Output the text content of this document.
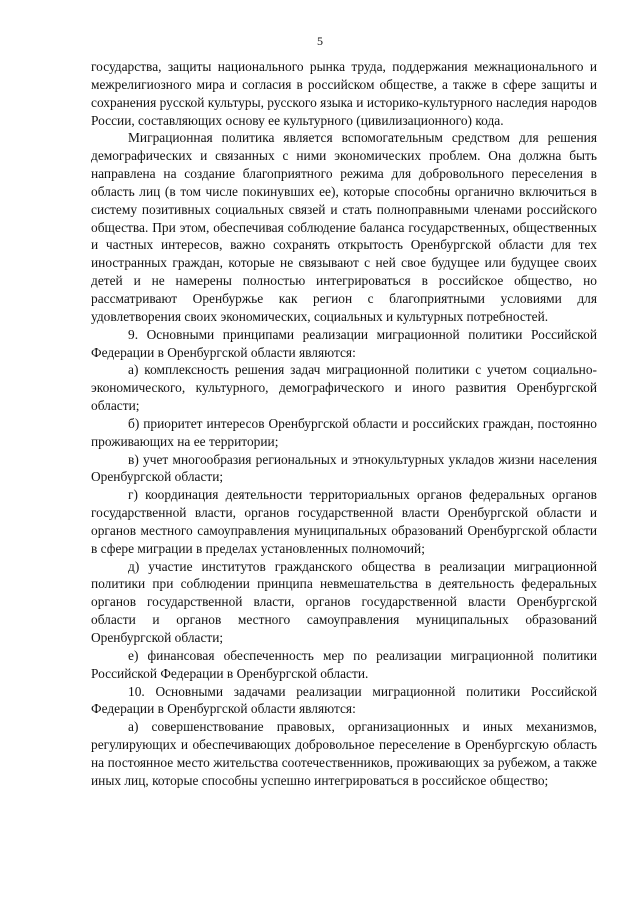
5

государства, защиты национального рынка труда, поддержания межнационального и межрелигиозного мира и согласия в российском обществе, а также в сфере защиты и сохранения русской культуры, русского языка и историко-культурного наследия народов России, составляющих основу ее культурного (цивилизационного) кода.

Миграционная политика является вспомогательным средством для решения демографических и связанных с ними экономических проблем. Она должна быть направлена на создание благоприятного режима для добровольного переселения в область лиц (в том числе покинувших ее), которые способны органично включиться в систему позитивных социальных связей и стать полноправными членами российского общества. При этом, обеспечивая соблюдение баланса государственных, общественных и частных интересов, важно сохранять открытость Оренбургской области для тех иностранных граждан, которые не связывают с ней свое будущее или будущее своих детей и не намерены полностью интегрироваться в российское общество, но рассматривают Оренбуржье как регион с благоприятными условиями для удовлетворения своих экономических, социальных и культурных потребностей.

9. Основными принципами реализации миграционной политики Российской Федерации в Оренбургской области являются:

а) комплексность решения задач миграционной политики с учетом социально-экономического, культурного, демографического и иного развития Оренбургской области;

б) приоритет интересов Оренбургской области и российских граждан, постоянно проживающих на ее территории;

в) учет многообразия региональных и этнокультурных укладов жизни населения Оренбургской области;

г) координация деятельности территориальных органов федеральных органов государственной власти, органов государственной власти Оренбургской области и органов местного самоуправления муниципальных образований Оренбургской области в сфере миграции в пределах установленных полномочий;

д) участие институтов гражданского общества в реализации миграционной политики при соблюдении принципа невмешательства в деятельность федеральных органов государственной власти, органов государственной власти Оренбургской области и органов местного самоуправления муниципальных образований Оренбургской области;

е) финансовая обеспеченность мер по реализации миграционной политики Российской Федерации в Оренбургской области.

10. Основными задачами реализации миграционной политики Российской Федерации в Оренбургской области являются:

а) совершенствование правовых, организационных и иных механизмов, регулирующих и обеспечивающих добровольное переселение в Оренбургскую область на постоянное место жительства соотечественников, проживающих за рубежом, а также иных лиц, которые способны успешно интегрироваться в российское общество;
